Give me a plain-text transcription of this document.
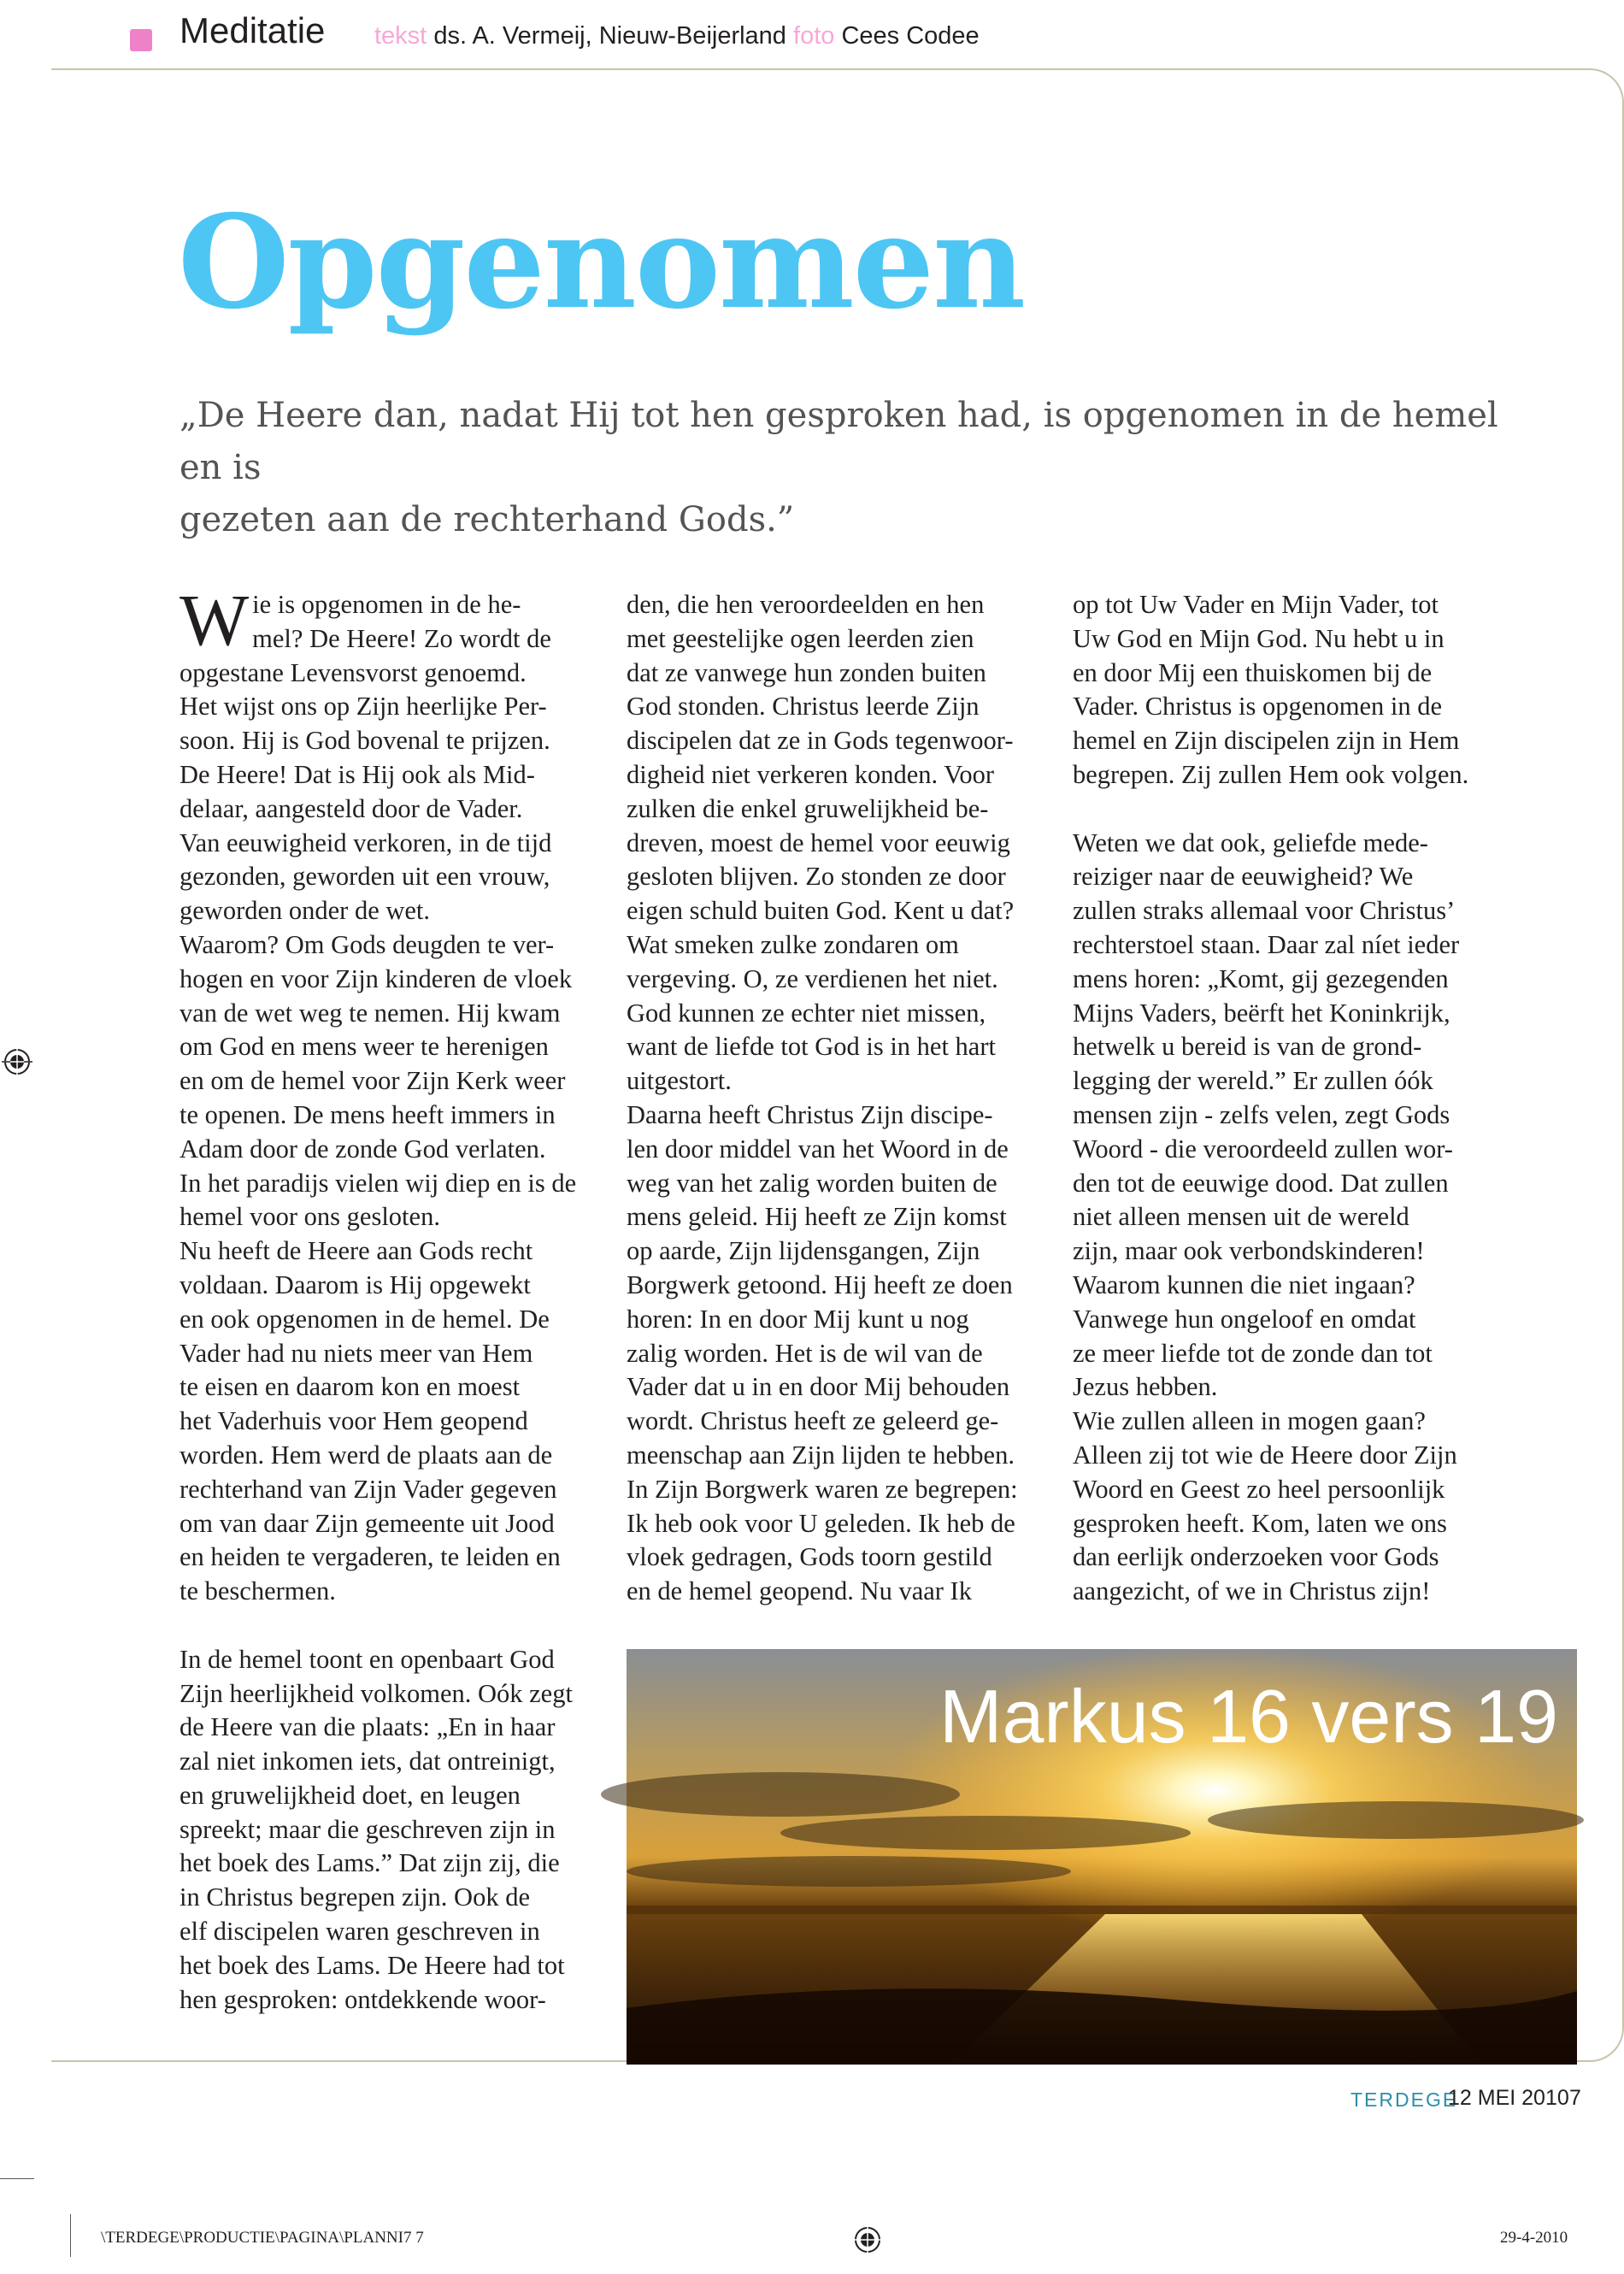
Meditatie tekst ds. A. Vermeij, Nieuw-Beijerland foto Cees Codee
Opgenomen
„De Heere dan, nadat Hij tot hen gesproken had, is opgenomen in de hemel en is
gezeten aan de rechterhand Gods.”
W ie is opgenomen in de he-

mel? De Heere! Zo wordt de

opgestane Levensvorst genoemd.

Het wijst ons op Zijn heerlijke Per-

soon. Hij is God bovenal te prijzen.

De Heere! Dat is Hij ook als Mid-

delaar, aangesteld door de Vader.

Van eeuwigheid verkoren, in de tijd

gezonden, geworden uit een vrouw,

geworden onder de wet.

Waarom? Om Gods deugden te ver-

hogen en voor Zijn kinderen de vloek

van de wet weg te nemen. Hij kwam

om God en mens weer te herenigen

en om de hemel voor Zijn Kerk weer

te openen. De mens heeft immers in

Adam door de zonde God verlaten.

In het paradijs vielen wij diep en is de

hemel voor ons gesloten.

Nu heeft de Heere aan Gods recht

voldaan. Daarom is Hij opgewekt

en ook opgenomen in de hemel. De

Vader had nu niets meer van Hem

te eisen en daarom kon en moest

het Vaderhuis voor Hem geopend

worden. Hem werd de plaats aan de

rechterhand van Zijn Vader gegeven

om van daar Zijn gemeente uit Jood

en heiden te vergaderen, te leiden en

te beschermen.

In de hemel toont en openbaart God

Zijn heerlijkheid volkomen. Oók zegt

de Heere van die plaats: „En in haar

zal niet inkomen iets, dat ontreinigt,

en gruwelijkheid doet, en leugen

spreekt; maar die geschreven zijn in

het boek des Lams.” Dat zijn zij, die

in Christus begrepen zijn. Ook de

elf discipelen waren geschreven in

het boek des Lams. De Heere had tot

hen gesproken: ontdekkende woor-

den, die hen veroordeelden en hen

met geestelijke ogen leerden zien

dat ze vanwege hun zonden buiten

God stonden. Christus leerde Zijn

discipelen dat ze in Gods tegenwoor-

digheid niet verkeren konden. Voor

zulken die enkel gruwelijkheid be-

dreven, moest de hemel voor eeuwig

gesloten blijven. Zo stonden ze door

eigen schuld buiten God. Kent u dat?

Wat smeken zulke zondaren om

vergeving. O, ze verdienen het niet.

God kunnen ze echter niet missen,

want de liefde tot God is in het hart

uitgestort.

Daarna heeft Christus Zijn discipe-

len door middel van het Woord in de

weg van het zalig worden buiten de

mens geleid. Hij heeft ze Zijn komst

op aarde, Zijn lijdensgangen, Zijn

Borgwerk getoond. Hij heeft ze doen

horen: In en door Mij kunt u nog

zalig worden. Het is de wil van de

Vader dat u in en door Mij behouden

wordt. Christus heeft ze geleerd ge-

meenschap aan Zijn lijden te hebben.

In Zijn Borgwerk waren ze begrepen:

Ik heb ook voor U geleden. Ik heb de

vloek gedragen, Gods toorn gestild

en de hemel geopend. Nu vaar Ik

op tot Uw Vader en Mijn Vader, tot

Uw God en Mijn God. Nu hebt u in

en door Mij een thuiskomen bij de

Vader. Christus is opgenomen in de

hemel en Zijn discipelen zijn in Hem

begrepen. Zij zullen Hem ook volgen.

Weten we dat ook, geliefde mede-

reiziger naar de eeuwigheid? We

zullen straks allemaal voor Christus’

rechterstoel staan. Daar zal níet ieder

mens horen: „Komt, gij gezegenden

Mijns Vaders, beërft het Koninkrijk,

hetwelk u bereid is van de grond-

legging der wereld.” Er zullen óók

mensen zijn - zelfs velen, zegt Gods

Woord - die veroordeeld zullen wor-

den tot de eeuwige dood. Dat zullen

niet alleen mensen uit de wereld

zijn, maar ook verbondskinderen!

Waarom kunnen die niet ingaan?

Vanwege hun ongeloof en omdat

ze meer liefde tot de zonde dan tot

Jezus hebben.

Wie zullen alleen in mogen gaan?

Alleen zij tot wie de Heere door Zijn

Woord en Geest zo heel persoonlijk

gesproken heeft. Kom, laten we ons

dan eerlijk onderzoeken voor Gods

aangezicht, of we in Christus zijn!

Markus 16 vers 19
TERDEGE
12 MEI 2010 7
\TERDEGE\PRODUCTIE\PAGINA\PLANNI7 7	29-4-2010
